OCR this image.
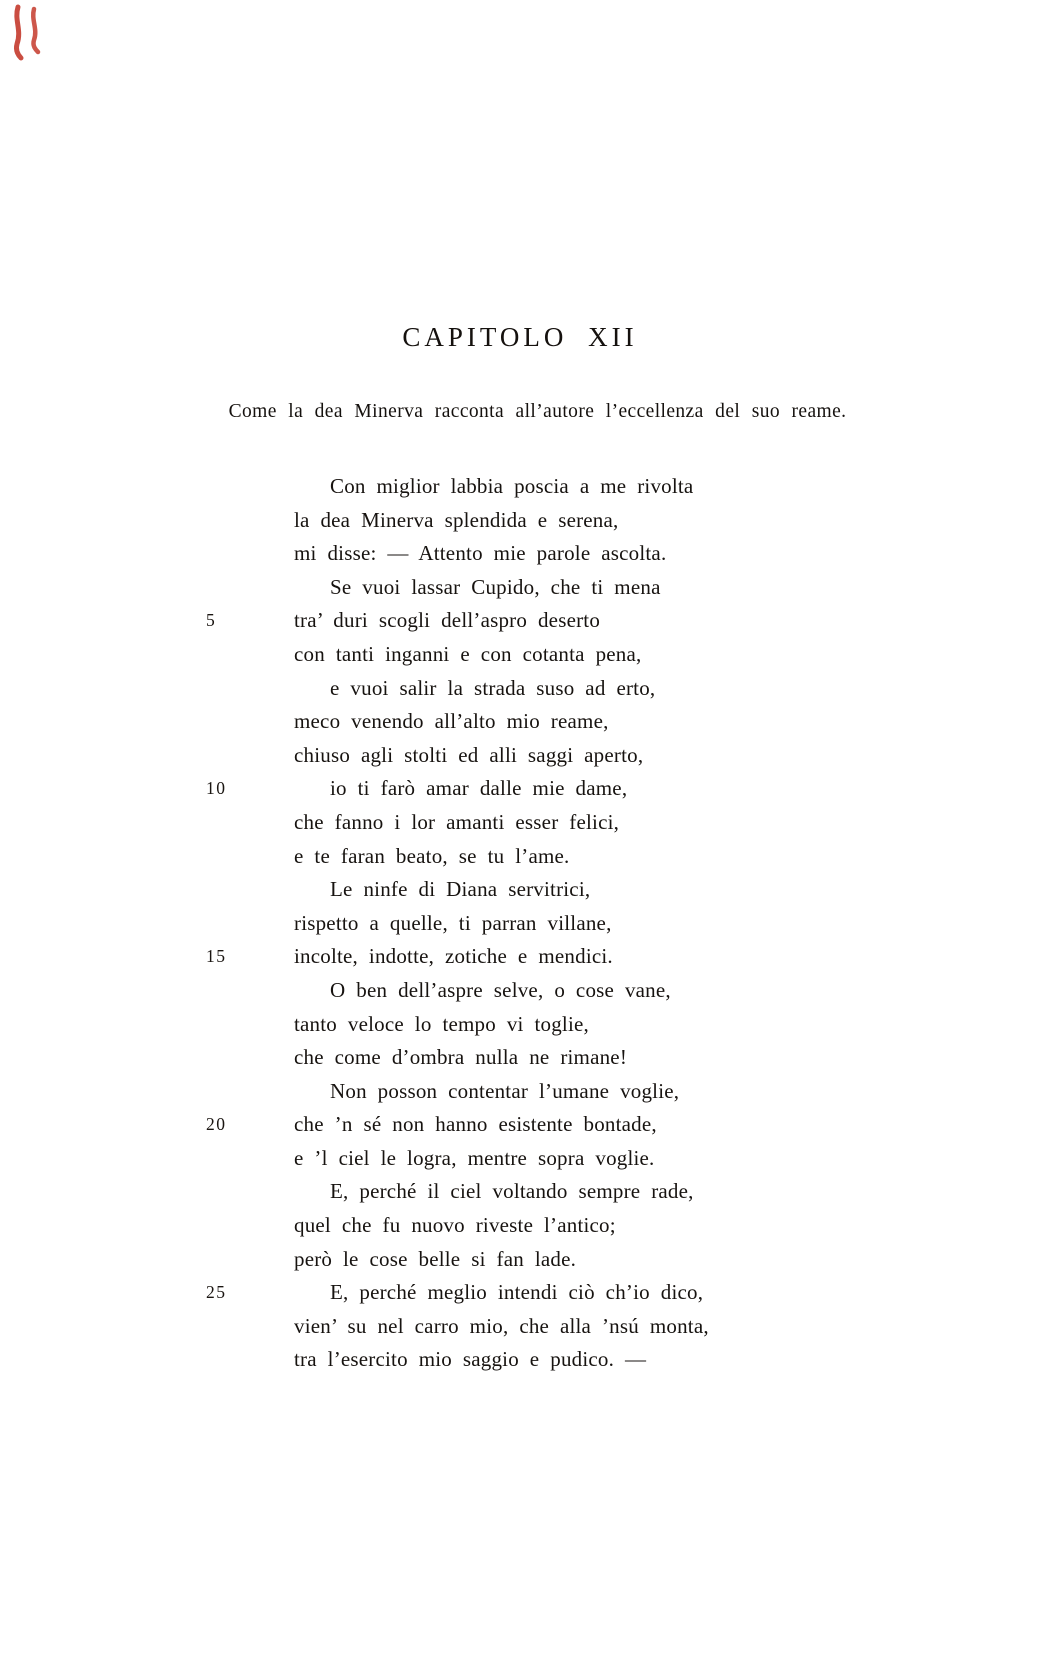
CAPITOLO XII
Come la dea Minerva racconta all’autore l’eccellenza del suo reame.
Con miglior labbia poscia a me rivolta
la dea Minerva splendida e serena,
mi disse: — Attento mie parole ascolta.
Se vuoi lassar Cupido, che ti mena
5	tra’ duri scogli dell’aspro deserto
con tanti inganni e con cotanta pena,
e vuoi salir la strada suso ad erto,
meco venendo all’alto mio reame,
chiuso agli stolti ed alli saggi aperto,
10	io ti farò amar dalle mie dame,
che fanno i lor amanti esser felici,
e te faran beato, se tu l’ame.
Le ninfe di Diana servitrici,
rispetto a quelle, ti parran villane,
15	incolte, indotte, zotiche e mendici.
O ben dell’aspre selve, o cose vane,
tanto veloce lo tempo vi toglie,
che come d’ombra nulla ne rimane!
Non posson contentar l’umane voglie,
20	che ’n sé non hanno esistente bontade,
e ’l ciel le logra, mentre sopra voglie.
E, perché il ciel voltando sempre rade,
quel che fu nuovo riveste l’antico;
però le cose belle si fan lade.
25	E, perché meglio intendi ciò ch’io dico,
vien’ su nel carro mio, che alla ’nsú monta,
tra l’esercito mio saggio e pudico. —
